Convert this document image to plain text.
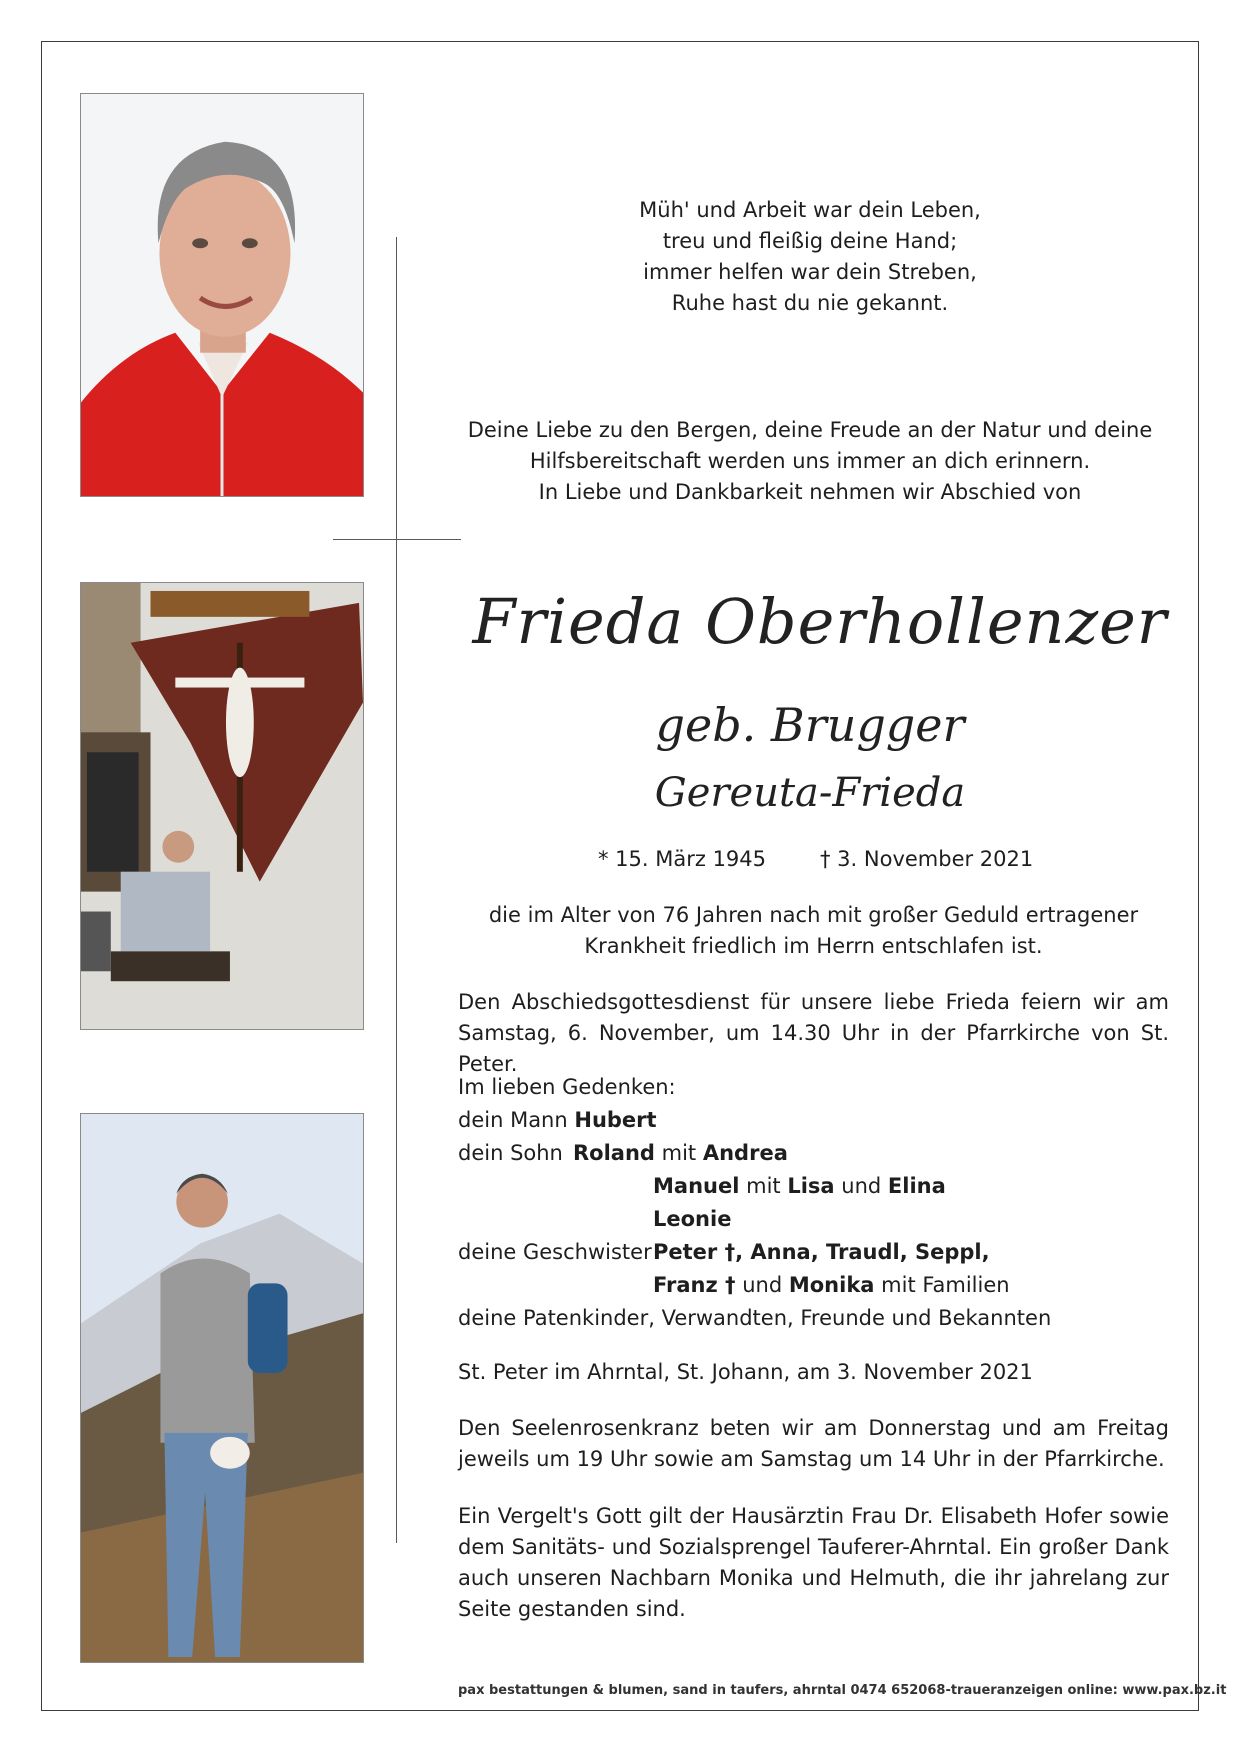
Müh' und Arbeit war dein Leben,
treu und fleißig deine Hand;
immer helfen war dein Streben,
Ruhe hast du nie gekannt.
Deine Liebe zu den Bergen, deine Freude an der Natur und deine
Hilfsbereitschaft werden uns immer an dich erinnern.
In Liebe und Dankbarkeit nehmen wir Abschied von
Frieda Oberhollenzer
geb. Brugger
Gereuta-Frieda
* 15. März 1945	† 3. November 2021
die im Alter von 76 Jahren nach mit großer Geduld ertragener
Krankheit friedlich im Herrn entschlafen ist.
Den Abschiedsgottesdienst für unsere liebe Frieda feiern wir am Samstag, 6. November, um 14.30 Uhr in der Pfarrkirche von St. Peter.
Im lieben Gedenken:
dein Mann Hubert
dein Sohn Roland mit Andrea
Manuel mit Lisa und Elina
Leonie
deine Geschwister Peter †, Anna, Traudl, Seppl,
Franz † und Monika mit Familien
deine Patenkinder, Verwandten, Freunde und Bekannten
St. Peter im Ahrntal, St. Johann, am 3. November 2021
Den Seelenrosenkranz beten wir am Donnerstag und am Freitag jeweils um 19 Uhr sowie am Samstag um 14 Uhr in der Pfarrkirche.
Ein Vergelt's Gott gilt der Hausärztin Frau Dr. Elisabeth Hofer sowie dem Sanitäts- und Sozialsprengel Tauferer-Ahrntal. Ein großer Dank auch unseren Nachbarn Monika und Helmuth, die ihr jahrelang zur Seite gestanden sind.
pax bestattungen & blumen, sand in taufers, ahrntal 0474 652068-traueranzeigen online: www.pax.bz.it
